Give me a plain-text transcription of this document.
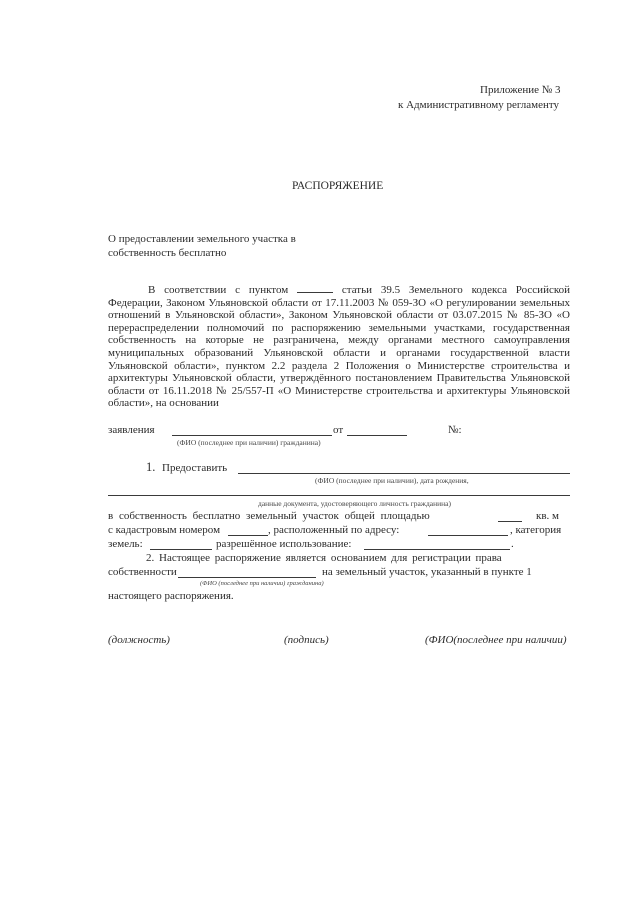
Приложение № 3
к Административному регламенту
РАСПОРЯЖЕНИЕ
О предоставлении земельного участка в
собственность бесплатно
В соответствии с пунктом	статьи 39.5 Земельного кодекса Российской Федерации, Законом Ульяновской области от 17.11.2003 № 059-ЗО «О регулировании земельных отношений в Ульяновской области», Законом Ульяновской области от 03.07.2015 № 85-ЗО «О перераспределении полномочий по распоряжению земельными участками, государственная собственность на которые не разграничена, между органами местного самоуправления муниципальных образований Ульяновской области и органами государственной власти Ульяновской области», пунктом 2.2 раздела 2 Положения о Министерстве строительства и архитектуры Ульяновской области, утверждённого постановлением Правительства Ульяновской области от 16.11.2018 № 25/557-П «О Министерстве строительства и архитектуры Ульяновской области», на основании
заявления	от	№:
(ФИО (последнее при наличии) гражданина)
1. Предоставить
(ФИО (последнее при наличии), дата рождения,
данные документа, удостоверяющего личность гражданина)
в собственность бесплатно земельный участок общей площадью	кв. м
с кадастровым номером	, расположенный по адресу:	, категория
земель:	разрешённое использование:	.
2. Настоящее распоряжение является основанием для регистрации права
собственности	на земельный участок, указанный в пункте 1
(ФИО (последнее при наличии) гражданина)
настоящего распоряжения.
(должность)	(подпись)	(ФИО(последнее при наличии)
